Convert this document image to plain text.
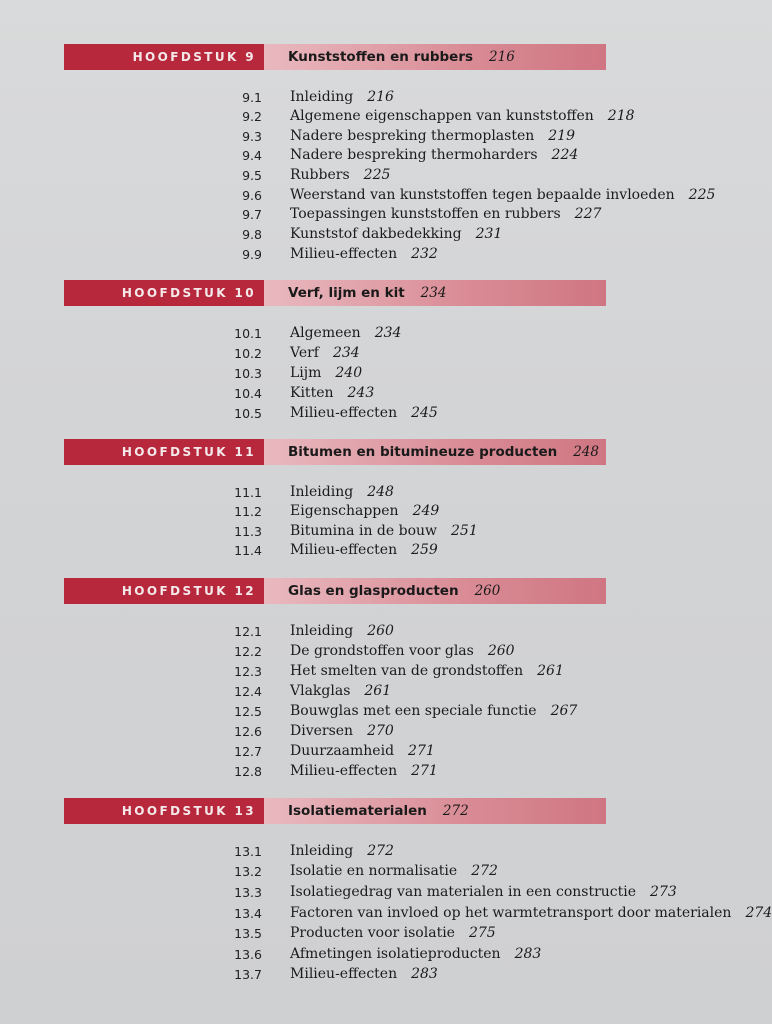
HOOFDSTUK 9	Kunststoffen en rubbers 216
9.1 Inleiding 216
9.2 Algemene eigenschappen van kunststoffen 218
9.3 Nadere bespreking thermoplasten 219
9.4 Nadere bespreking thermoharders 224
9.5 Rubbers 225
9.6 Weerstand van kunststoffen tegen bepaalde invloeden 225
9.7 Toepassingen kunststoffen en rubbers 227
9.8 Kunststof dakbedekking 231
9.9 Milieu-effecten 232
HOOFDSTUK 10	Verf, lijm en kit 234
10.1 Algemeen 234
10.2 Verf 234
10.3 Lijm 240
10.4 Kitten 243
10.5 Milieu-effecten 245
HOOFDSTUK 11	Bitumen en bitumineuze producten 248
11.1 Inleiding 248
11.2 Eigenschappen 249
11.3 Bitumina in de bouw 251
11.4 Milieu-effecten 259
HOOFDSTUK 12	Glas en glasproducten 260
12.1 Inleiding 260
12.2 De grondstoffen voor glas 260
12.3 Het smelten van de grondstoffen 261
12.4 Vlakglas 261
12.5 Bouwglas met een speciale functie 267
12.6 Diversen 270
12.7 Duurzaamheid 271
12.8 Milieu-effecten 271
HOOFDSTUK 13	Isolatiematerialen 272
13.1 Inleiding 272
13.2 Isolatie en normalisatie 272
13.3 Isolatiegedrag van materialen in een constructie 273
13.4 Factoren van invloed op het warmtetransport door materialen 274
13.5 Producten voor isolatie 275
13.6 Afmetingen isolatieproducten 283
13.7 Milieu-effecten 283
